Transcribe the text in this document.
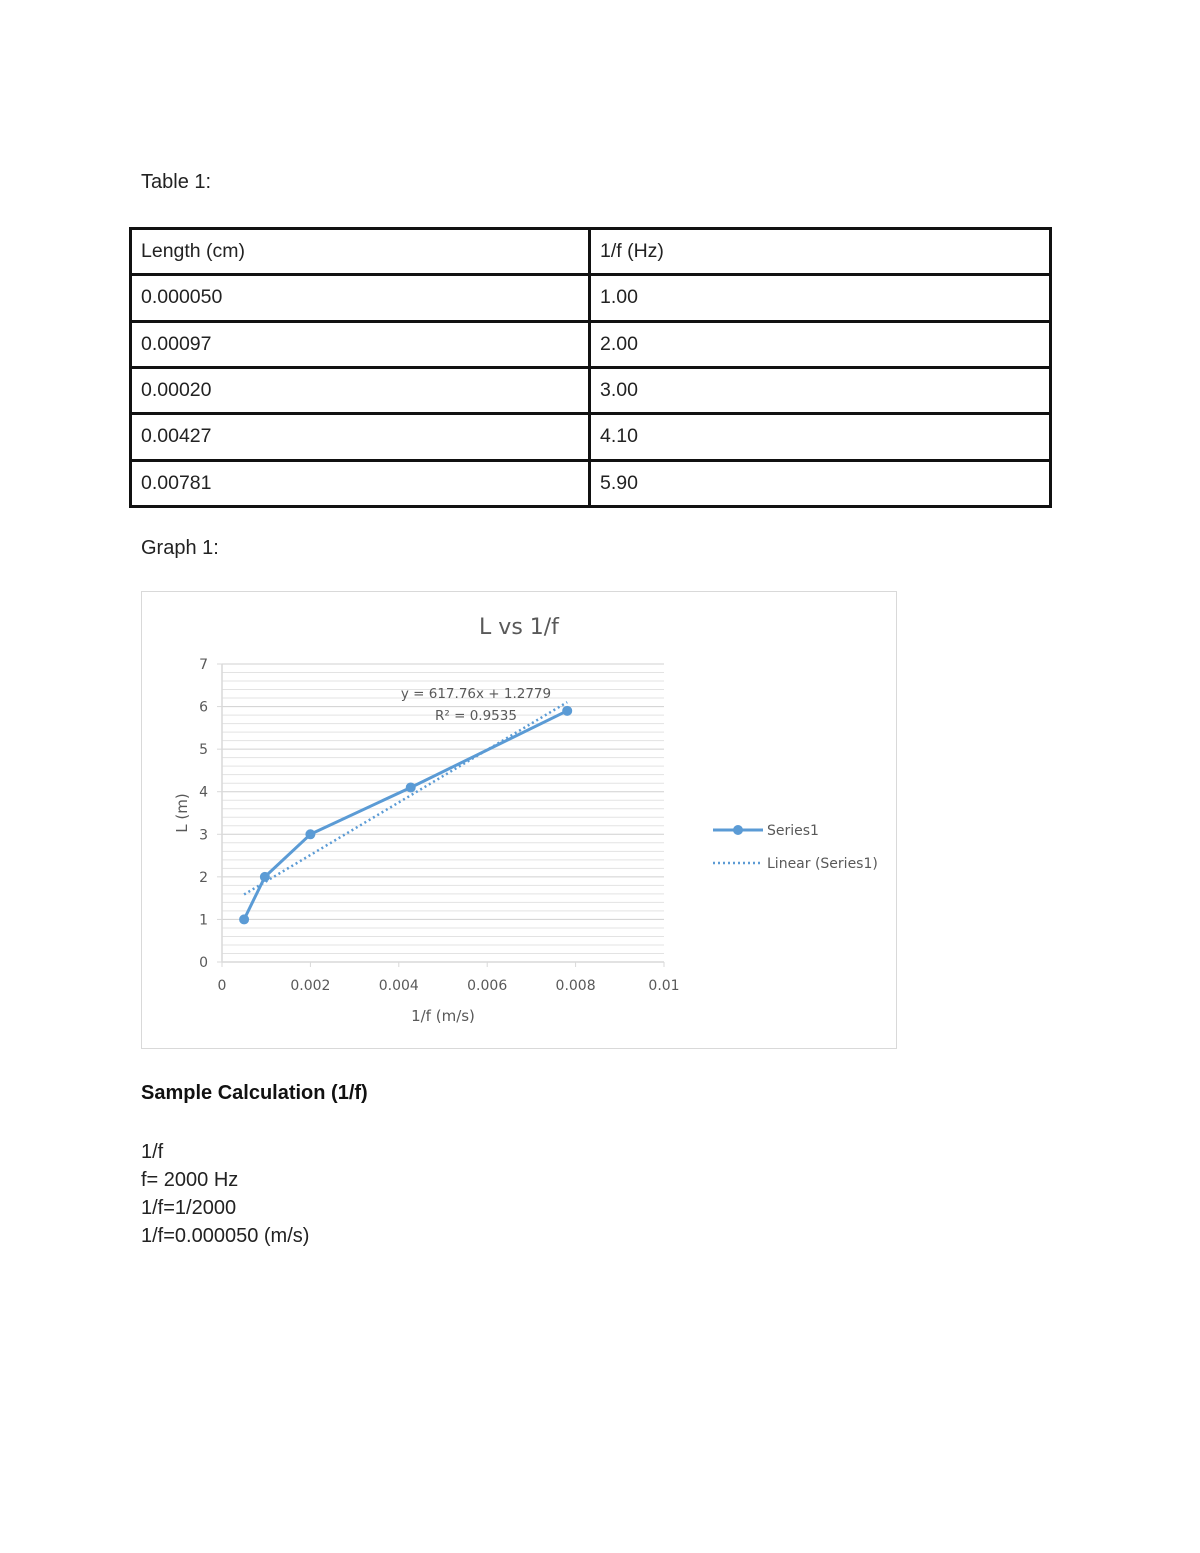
Table 1:
Length (cm)	1/f (Hz)
0.000050	1.00
0.00097	2.00
0.00020	3.00
0.00427	4.10
0.00781	5.90
Graph 1:
L vs 1/f
0
1
2
3
4
5
6
7
0	0.002	0.004	0.006	0.008	0.01
1/f (m/s)
L (m)
y = 617.76x + 1.2779
R² = 0.9535
Series1
Linear (Series1)
Sample Calculation (1/f)
1/f
f= 2000 Hz
1/f=1/2000
1/f=0.000050 (m/s)
